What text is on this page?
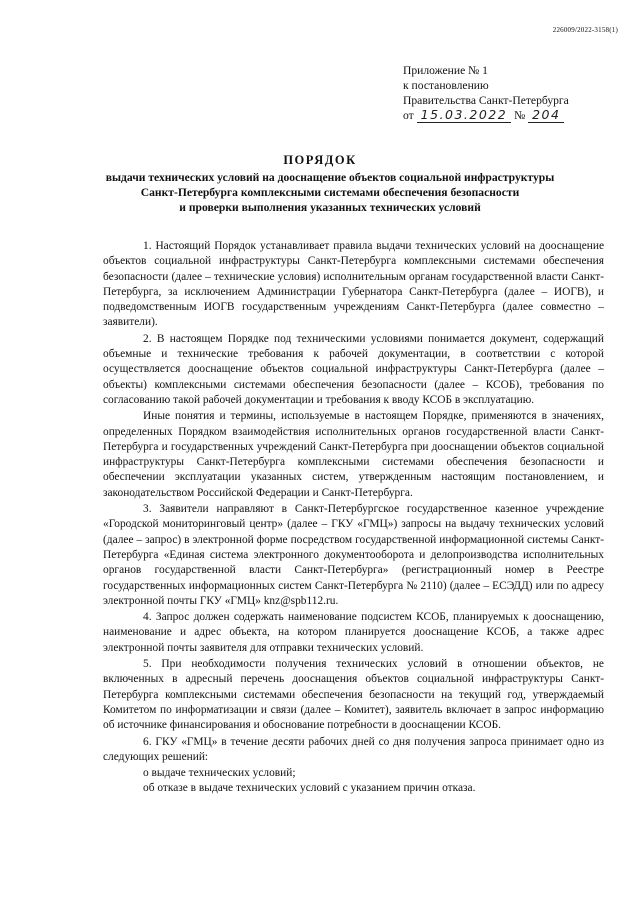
226009/2022-3158(1)
Приложение № 1
к постановлению
Правительства Санкт-Петербурга
от 15.03.2022 № 204
ПОРЯДОК
выдачи технических условий на дооснащение объектов социальной инфраструктуры
Санкт-Петербурга комплексными системами обеспечения безопасности
и проверки выполнения указанных технических условий

1. Настоящий Порядок устанавливает правила выдачи технических условий на дооснащение объектов социальной инфраструктуры Санкт-Петербурга комплексными системами обеспечения безопасности (далее – технические условия) исполнительным органам государственной власти Санкт-Петербурга, за исключением Администрации Губернатора Санкт-Петербурга (далее – ИОГВ), и подведомственным ИОГВ государственным учреждениям Санкт-Петербурга (далее совместно – заявители).

2. В настоящем Порядке под техническими условиями понимается документ, содержащий объемные и технические требования к рабочей документации, в соответствии с которой осуществляется дооснащение объектов социальной инфраструктуры Санкт-Петербурга (далее – объекты) комплексными системами обеспечения безопасности (далее – КСОБ), требования по согласованию такой рабочей документации и требования к вводу КСОБ в эксплуатацию.

Иные понятия и термины, используемые в настоящем Порядке, применяются в значениях, определенных Порядком взаимодействия исполнительных органов государственной власти Санкт-Петербурга и государственных учреждений Санкт-Петербурга при дооснащении объектов социальной инфраструктуры Санкт-Петербурга комплексными системами обеспечения безопасности и обеспечении эксплуатации указанных систем, утвержденным настоящим постановлением, и законодательством Российской Федерации и Санкт-Петербурга.

3. Заявители направляют в Санкт-Петербургское государственное казенное учреждение «Городской мониторинговый центр» (далее – ГКУ «ГМЦ») запросы на выдачу технических условий (далее – запрос) в электронной форме посредством государственной информационной системы Санкт-Петербурга «Единая система электронного документооборота и делопроизводства исполнительных органов государственной власти Санкт-Петербурга» (регистрационный номер в Реестре государственных информационных систем Санкт-Петербурга № 2110) (далее – ЕСЭДД) или по адресу электронной почты ГКУ «ГМЦ» knz@spb112.ru.

4. Запрос должен содержать наименование подсистем КСОБ, планируемых к дооснащению, наименование и адрес объекта, на котором планируется дооснащение КСОБ, а также адрес электронной почты заявителя для отправки технических условий.

5. При необходимости получения технических условий в отношении объектов, не включенных в адресный перечень дооснащения объектов социальной инфраструктуры Санкт-Петербурга комплексными системами обеспечения безопасности на текущий год, утверждаемый Комитетом по информатизации и связи (далее – Комитет), заявитель включает в запрос информацию об источнике финансирования и обоснование потребности в дооснащении КСОБ.

6. ГКУ «ГМЦ» в течение десяти рабочих дней со дня получения запроса принимает одно из следующих решений:

о выдаче технических условий;

об отказе в выдаче технических условий с указанием причин отказа.
